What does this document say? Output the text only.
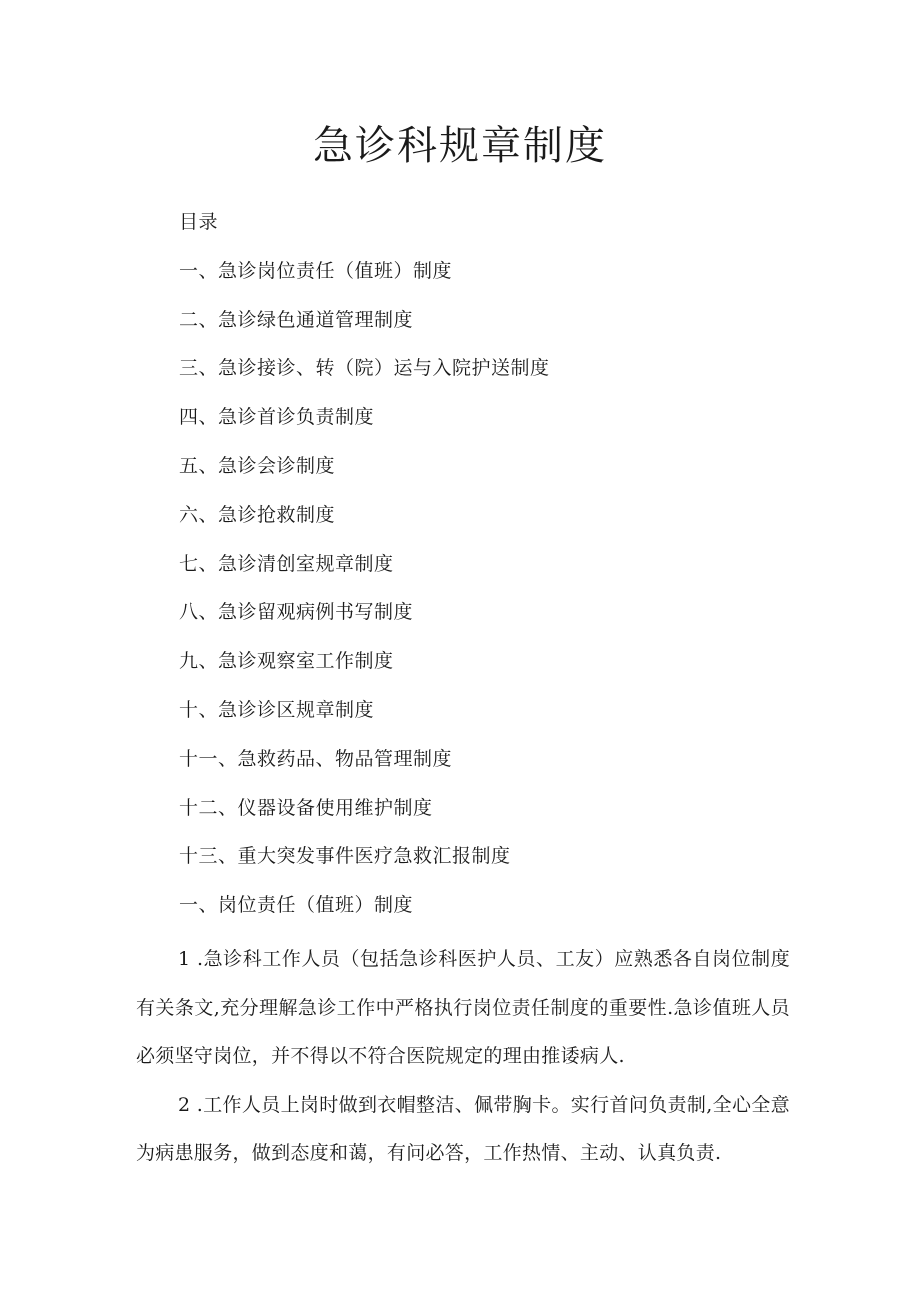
急诊科规章制度
目录
一、急诊岗位责任（值班）制度
二、急诊绿色通道管理制度
三、急诊接诊、转（院）运与入院护送制度
四、急诊首诊负责制度
五、急诊会诊制度
六、急诊抢救制度
七、急诊清创室规章制度
八、急诊留观病例书写制度
九、急诊观察室工作制度
十、急诊诊区规章制度
十一、急救药品、物品管理制度
十二、仪器设备使用维护制度
十三、重大突发事件医疗急救汇报制度
一、岗位责任（值班）制度

1 .急诊科工作人员（包括急诊科医护人员、工友）应熟悉各自岗位制度有关条文,充分理解急诊工作中严格执行岗位责任制度的重要性.急诊值班人员必须坚守岗位，并不得以不符合医院规定的理由推诿病人.

2 .工作人员上岗时做到衣帽整洁、佩带胸卡。实行首问负责制,全心全意为病患服务，做到态度和蔼，有问必答，工作热情、主动、认真负责.
